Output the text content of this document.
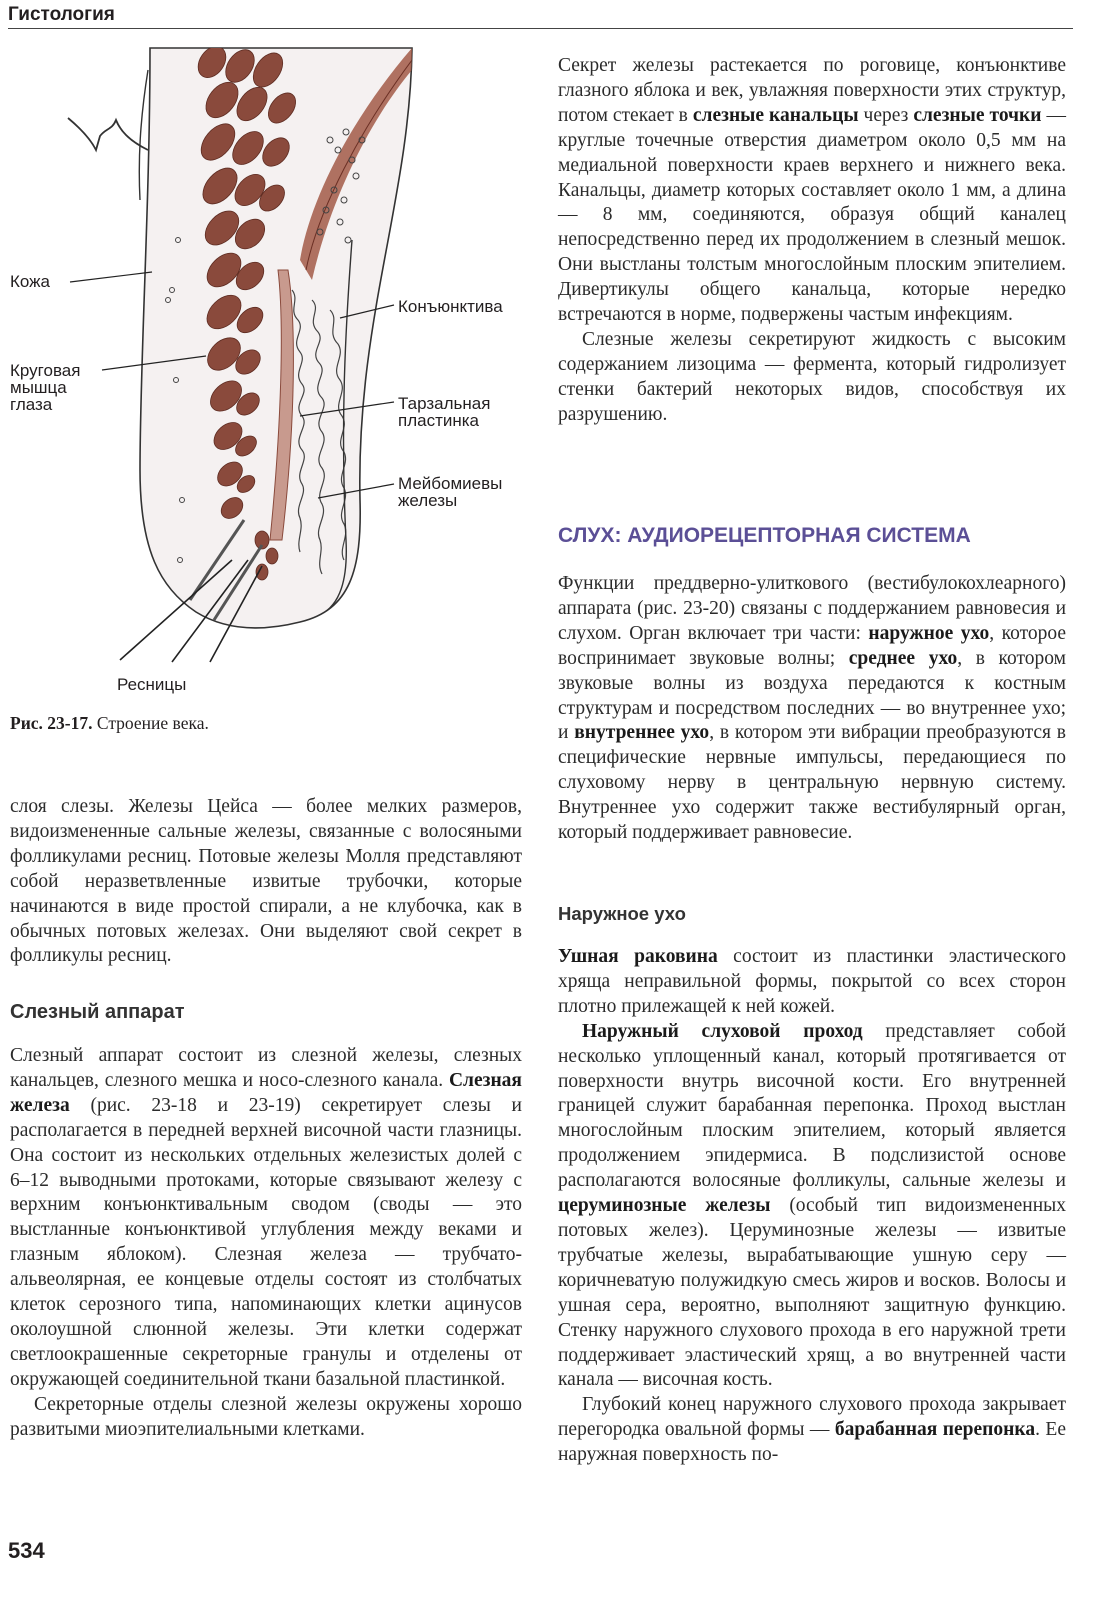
Гистология
Кожа
Круговая
мышца
глаза
Конъюнктива
Тарзальная
пластинка
Мейбомиевы
железы
Ресницы
Рис. 23-17. Строение века.

слоя слезы. Железы Цейса — более мелких размеров, видоизмененные сальные железы, связанные с волосяными фолликулами ресниц. Потовые железы Молля представляют собой неразветвленные извитые трубочки, которые начинаются в виде простой спирали, а не клубочка, как в обычных потовых железах. Они выделяют свой секрет в фолликулы ресниц.

Слезный аппарат

Слезный аппарат состоит из слезной железы, слезных канальцев, слезного мешка и носо-слезного канала. Слезная железа (рис. 23-18 и 23-19) секретирует слезы и располагается в передней верхней височной части глазницы. Она состоит из нескольких отдельных железистых долей с 6–12 выводными протоками, которые связывают железу с верхним конъюнктивальным сводом (своды — это выстланные конъюнктивой углубления между веками и глазным яблоком). Слезная железа — трубчато-альвеолярная, ее концевые отделы состоят из столбчатых клеток серозного типа, напоминающих клетки ацинусов околоушной слюнной железы. Эти клетки содержат светлоокрашенные секреторные гранулы и отделены от окружающей соединительной ткани базальной пластинкой.

Секреторные отделы слезной железы окружены хорошо развитыми миоэпителиальными клетками.

Секрет железы растекается по роговице, конъюнктиве глазного яблока и век, увлажняя поверхности этих структур, потом стекает в слезные канальцы через слезные точки — круглые точечные отверстия диаметром около 0,5 мм на медиальной поверхности краев верхнего и нижнего века. Канальцы, диаметр которых составляет около 1 мм, а длина — 8 мм, соединяются, образуя общий каналец непосредственно перед их продолжением в слезный мешок. Они выстланы толстым многослойным плоским эпителием. Дивертикулы общего канальца, которые нередко встречаются в норме, подвержены частым инфекциям.

Слезные железы секретируют жидкость с высоким содержанием лизоцима — фермента, который гидролизует стенки бактерий некоторых видов, способствуя их разрушению.

СЛУХ: АУДИОРЕЦЕПТОРНАЯ СИСТЕМА

Функции преддверно-улиткового (вестибулокохлеарного) аппарата (рис. 23-20) связаны с поддержанием равновесия и слухом. Орган включает три части: наружное ухо, которое воспринимает звуковые волны; среднее ухо, в котором звуковые волны из воздуха передаются к костным структурам и посредством последних — во внутреннее ухо; и внутреннее ухо, в котором эти вибрации преобразуются в специфические нервные импульсы, передающиеся по слуховому нерву в центральную нервную систему. Внутреннее ухо содержит также вестибулярный орган, который поддерживает равновесие.

Наружное ухо

Ушная раковина состоит из пластинки эластического хряща неправильной формы, покрытой со всех сторон плотно прилежащей к ней кожей.

Наружный слуховой проход представляет собой несколько уплощенный канал, который протягивается от поверхности внутрь височной кости. Его внутренней границей служит барабанная перепонка. Проход выстлан многослойным плоским эпителием, который является продолжением эпидермиса. В подслизистой основе располагаются волосяные фолликулы, сальные железы и церуминозные железы (особый тип видоизмененных потовых желез). Церуминозные железы — извитые трубчатые железы, вырабатывающие ушную серу — коричневатую полужидкую смесь жиров и восков. Волосы и ушная сера, вероятно, выполняют защитную функцию. Стенку наружного слухового прохода в его наружной трети поддерживает эластический хрящ, а во внутренней части канала — височная кость.

Глубокий конец наружного слухового прохода закрывает перегородка овальной формы — барабанная перепонка. Ее наружная поверхность по-

534
